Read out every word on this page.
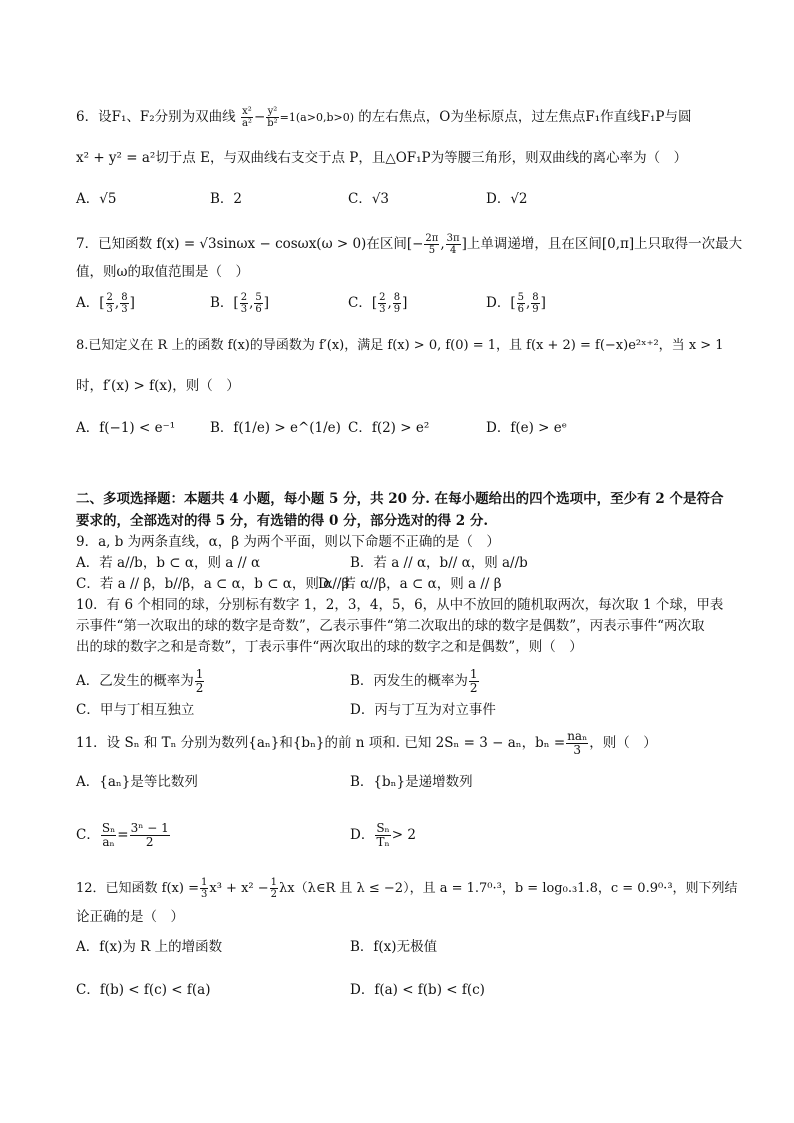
6．设F₁、F₂分别为双曲线 $\frac{\text{x²}}{\text{a²}} - \frac{\text{y²}}{\text{b²}} =1(a>0,b>0)$ 的左右焦点，O为坐标原点，过左焦点F₁作直线F₁P与圆
x² + y² = a²切于点 E，与双曲线右支交于点 P，且△OF₁P为等腰三角形，则双曲线的离心率为（　）
A．√5	B．2	C．√3	D．√2
7．已知函数 f(x) = √3sinωx − cosωx(ω > 0)在区间[− $\frac{2\pi}{5}$ , $\frac{3\pi}{4}$ ]上单调递增，且在区间[0,π]上只取得一次最大
值，则ω的取值范围是（　）
A．[ $\frac{2}{3}$ , $\frac{8}{3}$ ]	B．[ $\frac{2}{3}$ , $\frac{5}{6}$ ]	C．[ $\frac{2}{3}$ , $\frac{8}{9}$ ]	D．[ $\frac{5}{6}$ , $\frac{8}{9}$ ]
8.已知定义在 R 上的函数 f(x)的导函数为 f′(x)，满足 f(x) > 0, f(0) = 1，且 f(x + 2) = f(−x)e²ˣ⁺²，当 x > 1
时，f′(x) > f(x)，则（　）
A．f(−1) < e⁻¹	B．f(1/e) > e^(1/e) C．f(2) > e²	D．f(e) > eᵉ
二、多项选择题：本题共 4 小题，每小题 5 分，共 20 分. 在每小题给出的四个选项中，至少有 2 个是符合
要求的，全部选对的得 5 分，有选错的得 0 分，部分选对的得 2 分.
9．a, b 为两条直线，α，β 为两个平面，则以下命题不正确的是（　）
A．若 a//b，b ⊂ α，则 a // α	B．若 a // α，b// α，则 a//b
C．若 a // β，b//β，a ⊂ α，b ⊂ α，则 α//β
D．若 α//β，a ⊂ α，则 a // β
10．有 6 个相同的球，分别标有数字 1，2，3，4，5，6，从中不放回的随机取两次，每次取 1 个球，甲表
示事件“第一次取出的球的数字是奇数”，乙表示事件“第二次取出的球的数字是偶数”，丙表示事件“两次取
出的球的数字之和是奇数”，丁表示事件“两次取出的球的数字之和是偶数”，则（　）
A．乙发生的概率为 $\frac{1}{2}$	B．丙发生的概率为 $\frac{1}{2}$
C．甲与丁相互独立	D．丙与丁互为对立事件
11．设 Sₙ 和 Tₙ 分别为数列{aₙ}和{bₙ}的前 n 项和. 已知 2Sₙ = 3 − aₙ，$b_n = \frac{\text{naₙ}}{3}$ ，则（　）
A．{aₙ}是等比数列	B．{bₙ}是递增数列
C． $\frac{\text{Sₙ}}{\text{aₙ}} = \frac{\text{3ⁿ − 1}}{2}$	D． $\frac{\text{Sₙ}}{\text{Tₙ}} > 2$
12．已知函数 $f(x) = \frac{1}{3} x^3 + x^2 - \frac{1}{2}$ λx（λ∈R 且 λ ≤ −2），且 a = 1.7⁰·³，b = log₀.₃1.8，c = 0.9⁰·³，则下列结
论正确的是（　）
A．f(x)为 R 上的增函数	B．f(x)无极值
C．f(b) < f(c) < f(a)	D．f(a) < f(b) < f(c)
